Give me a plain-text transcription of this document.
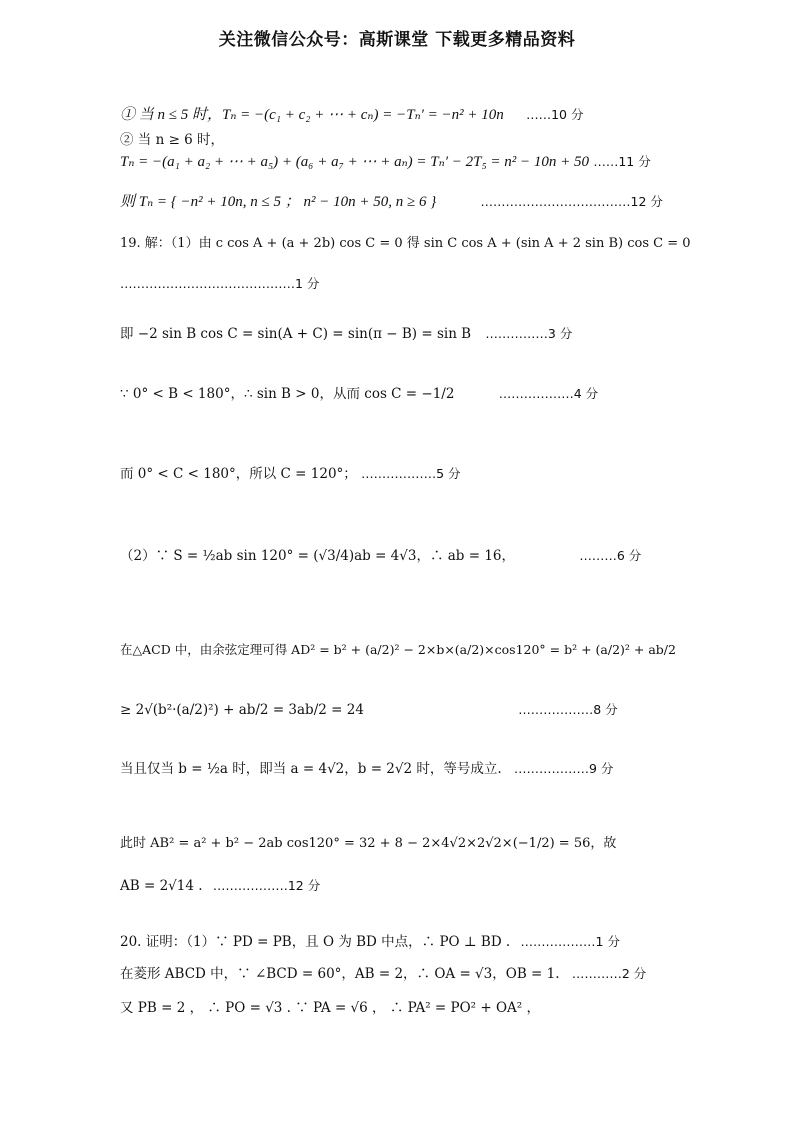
关注微信公众号：高斯课堂 下载更多精品资料
① 当 n ≤ 5 时，Tₙ = −(c₁ + c₂ + ⋯ + cₙ) = −Tₙ′ = −n² + 10n ……10 分
② 当 n ≥ 6 时，
Tₙ = −(a₁ + a₂ + ⋯ + a₅) + (a₆ + a₇ + ⋯ + aₙ) = Tₙ′ − 2T₅ = n² − 10n + 50 ……11 分
则 Tₙ = { −n² + 10n, n ≤ 5 ； n² − 10n + 50, n ≥ 6 }	………………………………12 分
19. 解：（1）由 c cos A + (a + 2b) cos C = 0 得 sin C cos A + (sin A + 2 sin B) cos C = 0
……………………………………1 分
即 −2 sin B cos C = sin(A + C) = sin(π − B) = sin B ……………3 分
∵ 0° < B < 180°，∴ sin B > 0，从而 cos C = −1/2	………………4 分
而 0° < C < 180°，所以 C = 120°； ………………5 分
（2）∵ S = ½ab sin 120° = (√3/4)ab = 4√3，∴ ab = 16，	………6 分
在△ACD 中，由余弦定理可得 AD² = b² + (a/2)² − 2×b×(a/2)×cos120° = b² + (a/2)² + ab/2
≥ 2√(b²·(a/2)²) + ab/2 = 3ab/2 = 24	………………8 分
当且仅当 b = ½a 时，即当 a = 4√2，b = 2√2 时，等号成立. ………………9 分
此时 AB² = a² + b² − 2ab cos120° = 32 + 8 − 2×4√2×2√2×(−1/2) = 56，故
AB = 2√14 . ………………12 分
20. 证明：（1）∵ PD = PB，且 O 为 BD 中点，∴ PO ⊥ BD . ………………1 分
在菱形 ABCD 中，∵ ∠BCD = 60°，AB = 2，∴ OA = √3，OB = 1. …………2 分
又 PB = 2 ， ∴ PO = √3 . ∵ PA = √6 ， ∴ PA² = PO² + OA² ，
